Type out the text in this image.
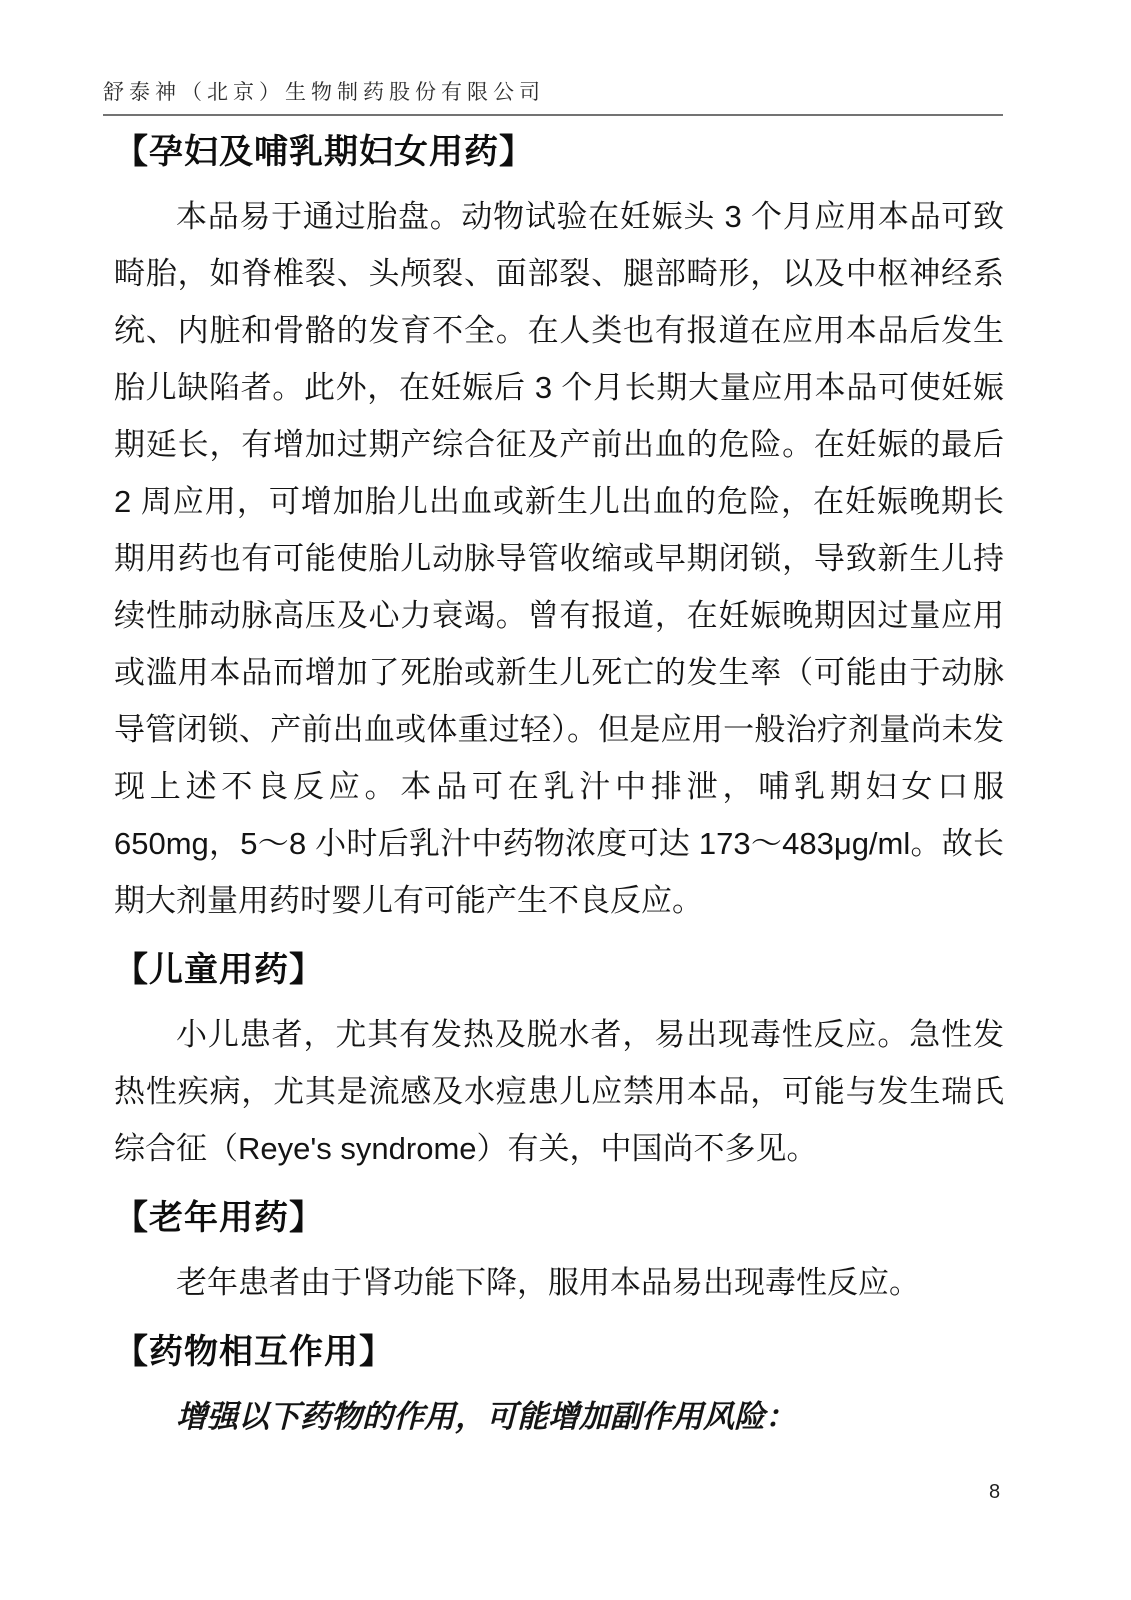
舒泰神（北京）生物制药股份有限公司
【孕妇及哺乳期妇女用药】

本品易于通过胎盘。动物试验在妊娠头 3 个月应用本品可致畸胎，如脊椎裂、头颅裂、面部裂、腿部畸形，以及中枢神经系统、内脏和骨骼的发育不全。在人类也有报道在应用本品后发生胎儿缺陷者。此外，在妊娠后 3 个月长期大量应用本品可使妊娠期延长，有增加过期产综合征及产前出血的危险。在妊娠的最后 2 周应用，可增加胎儿出血或新生儿出血的危险，在妊娠晚期长期用药也有可能使胎儿动脉导管收缩或早期闭锁，导致新生儿持续性肺动脉高压及心力衰竭。曾有报道，在妊娠晚期因过量应用或滥用本品而增加了死胎或新生儿死亡的发生率（可能由于动脉导管闭锁、产前出血或体重过轻）。但是应用一般治疗剂量尚未发现上述不良反应。本品可在乳汁中排泄，哺乳期妇女口服 650mg，5～8 小时后乳汁中药物浓度可达 173～483μg/ml。故长期大剂量用药时婴儿有可能产生不良反应。

【儿童用药】

小儿患者，尤其有发热及脱水者，易出现毒性反应。急性发热性疾病，尤其是流感及水痘患儿应禁用本品，可能与发生瑞氏综合征（Reye's syndrome）有关，中国尚不多见。

【老年用药】

老年患者由于肾功能下降，服用本品易出现毒性反应。

【药物相互作用】

增强以下药物的作用，可能增加副作用风险：

8
